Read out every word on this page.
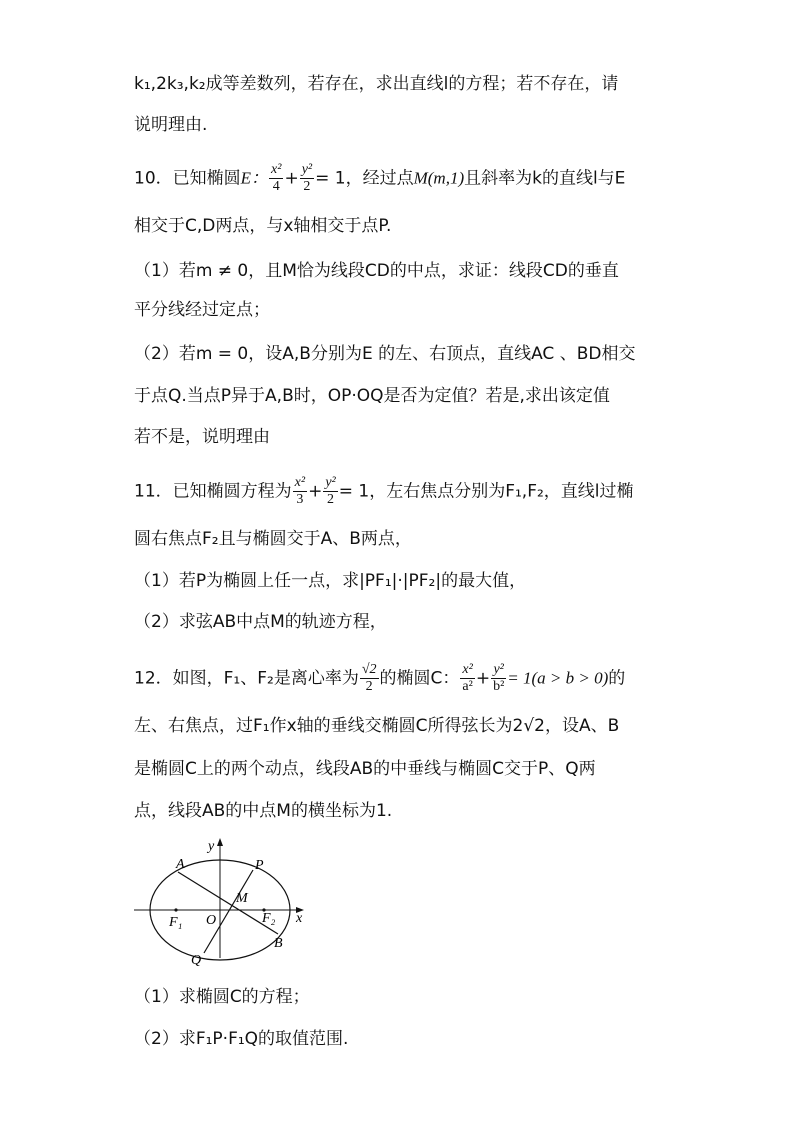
k₁,2k₃,k₂成等差数列，若存在，求出直线l的方程；若不存在，请
说明理由.
10．已知椭圆E： $\frac{\text{x²}}{4} + \frac{\text{y²}}{2} = 1$，经过点M(m,1)且斜率为k的直线l与E
相交于C,D两点，与x轴相交于点P.
（1）若m ≠ 0，且M恰为线段CD的中点，求证：线段CD的垂直
平分线经过定点；
（2）若m = 0，设A,B分别为E 的左、右顶点，直线AC 、BD相交
于点Q.当点P异于A,B时，OP·OQ是否为定值？若是,求出该定值
若不是，说明理由
11．已知椭圆方程为 $\frac{\text{x²}}{3} + \frac{\text{y²}}{2} = 1$，左右焦点分别为F₁,F₂，直线l过椭
圆右焦点F₂且与椭圆交于A、B两点，
（1）若P为椭圆上任一点，求|PF₁|·|PF₂|的最大值，
（2）求弦AB中点M的轨迹方程，
12．如图，F₁、F₂是离心率为 $\frac{√2}{2}$ 的椭圆C： $\frac{\text{x²}}{\text{a²}} + \frac{\text{y²}}{\text{b²}} = 1(a > b > 0)$的
左、右焦点，过F₁作x轴的垂线交椭圆C所得弦长为2√2，设A、B
是椭圆C上的两个动点，线段AB的中垂线与椭圆C交于P、Q两
点，线段AB的中点M的横坐标为1.
y
x
A	P
M
O
F₁	F₂
B
Q
（1）求椭圆C的方程；
（2）求F₁P·F₁Q的取值范围.
